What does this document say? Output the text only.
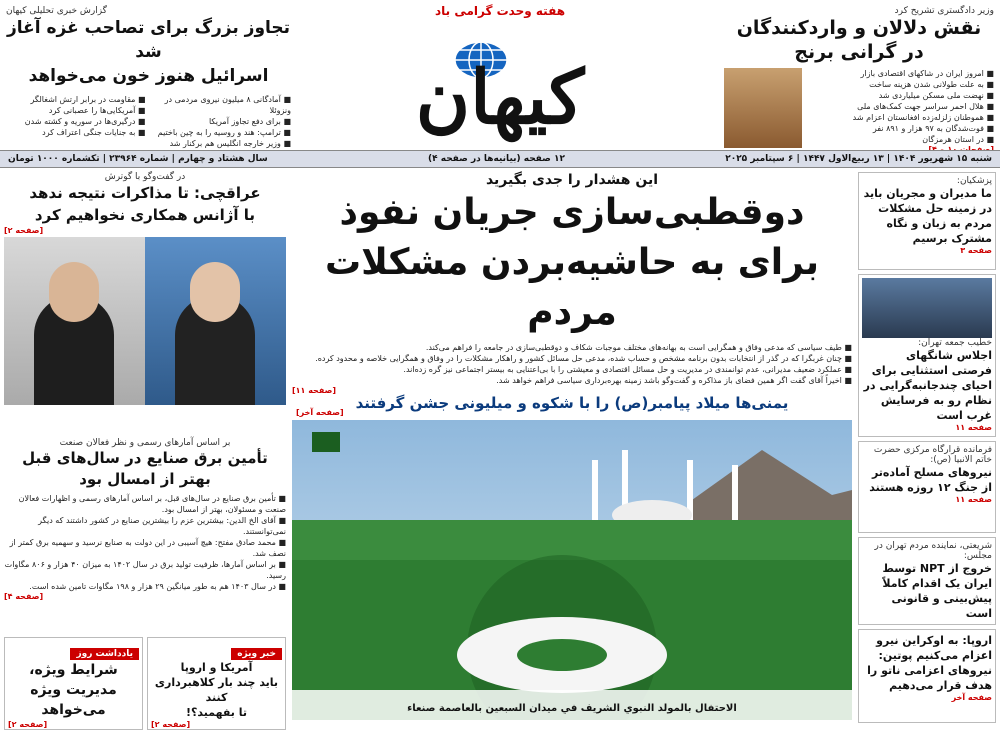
وزیر دادگستری تشریح کرد
نقش دلالان و واردکنندگان
در گرانی برنج
■ امروز ایران در شاکهای اقتصادی بازار
■ به علت طولانی شدن هزینه ساخت
■ نهضت ملی مسکن میلیاردی شد
■ هلال احمر سراسر جهت کمک‌های ملی
■ هموطنان زلزله‌زده افغانستان اعزام شد
■ فوت‌شدگان به ۹۷ هزار و ۸۹۱ نفر
■ در استان هرمزگان
هفته وحدت گرامی باد
کیهان
گزارش خبری تحلیلی کیهان
تجاوز بزرگ برای تصاحب غزه آغاز شد
اسرائیل هنوز خون می‌خواهد
■ آمادگانی ۸ میلیون نیروی مردمی در ونزوئلا
■ برای دفع تجاوز آمریکا
■ ترامپ: هند و روسیه را به چین باختیم
■ وزیر خارجه انگلیس هم برکنار شد
■ مقاومت در برابر ارتش اشغالگر
■ آمریکایی‌ها را عصبانی کرد
■ درگیری‌ها در سوریه و کشته شدن
■ به جنایات جنگی اعتراف کرد
شنبه ۱۵ شهریور ۱۴۰۴ | ۱۳ ربیع‌الاول ۱۴۴۷ | ۶ سپتامبر ۲۰۲۵
۱۲ صفحه (بیانیه‌ها در صفحه ۴)
سال هشتاد و چهارم | شماره ۲۳۹۶۴ | تکشماره ۱۰۰۰ تومان
پزشکیان:
ما مدیران و مجریان باید در زمینه حل مشکلات مردم به زبان و نگاه مشترک برسیم
صفحه ۳
خطیب جمعه تهران:
اجلاس شانگهای فرصتی استثنایی برای احیای چندجانبه‌گرایی در نظام رو به فرسایش غرب است
صفحه ۱۱
فرمانده قرارگاه مرکزی حضرت خاتم الانبیا (ص):
نیروهای مسلح آماده‌تر از جنگ ۱۲ روزه هستند
صفحه ۱۱
شریعتی، نماینده مردم تهران در مجلس:
خروج از NPT توسط ایران یک اقدام کاملاً پیش‌بینی و قانونی است
اروپا: به اوکراین نیرو اعزام می‌کنیم پوتین: نیروهای اعزامی ناتو را هدف قرار می‌دهیم
صفحه آخر
این هشدار را جدی بگیرید
دوقطبی‌سازی جریان نفوذ
برای به حاشیه‌بردن مشکلات مردم
■ طیف سیاسی که مدعی وفاق و همگرایی است به بهانه‌های مختلف موجبات شکاف و دوقطبی‌سازی در جامعه را فراهم می‌کند.
■ چنان غربگرا که در گذر از انتخابات بدون برنامه مشخص و حساب شده، مدعی حل مسائل کشور و راهکار مشکلات را در وفاق و همگرایی خلاصه و محدود کرده.
■ عملکرد ضعیف مدیرانی، عدم توانمندی در مدیریت و حل مسائل اقتصادی و معیشتی را با بی‌اعتنایی به بیستر اجتماعی نیز گره زده‌اند.
■ اخیراً آقای گفت اگر همین فضای باز مذاکره و گفت‌وگو باشد زمینه بهره‌برداری سیاسی فراهم خواهد شد.
[صفحه ۱۱]
یمنی‌ها میلاد پیامبر(ص) را با شکوه و میلیونی جشن گرفتند
الاحتفال بالمولد النبوي الشريف في ميدان السبعين بالعاصمة صنعاء
[صفحه آخر]
در گفت‌وگو با گوترش
عراقچی: تا مذاکرات نتیجه ندهد
با آژانس همکاری نخواهیم کرد
[صفحه ۲]
بر اساس آمارهای رسمی و نظر فعالان صنعت
تأمین برق صنایع در سال‌های قبل
بهتر از امسال بود
■ تأمین برق صنایع در سال‌های قبل، بر اساس آمارهای رسمی و اظهارات فعالان صنعت و مسئولان، بهتر از امسال بود.
■ آقای الخ الدین: بیشترین عزم را بیشترین صنایع در کشور داشتند که دیگر نمی‌توانستند.
■ محمد صادق مفتح: هیچ آسیبی در این دولت به صنایع نرسید و سهمیه برق کمتر از نصف شد.
■ بر اساس آمارها، ظرفیت تولید برق در سال ۱۴۰۲ به میزان ۴۰ هزار و ۸۰۶ مگاوات رسید.
■ در سال ۱۴۰۳ هم به طور میانگین ۲۹ هزار و ۱۹۸ مگاوات تامین شده است.
[صفحه ۴]
خبر ویژه
آمریکا و اروپا
باید چند بار کلاهبرداری کنند
تا بفهمید؟!
[صفحه ۲]
یادداشت روز
شرایط ویژه،
مدیریت ویژه می‌خواهد
[صفحه ۲]
